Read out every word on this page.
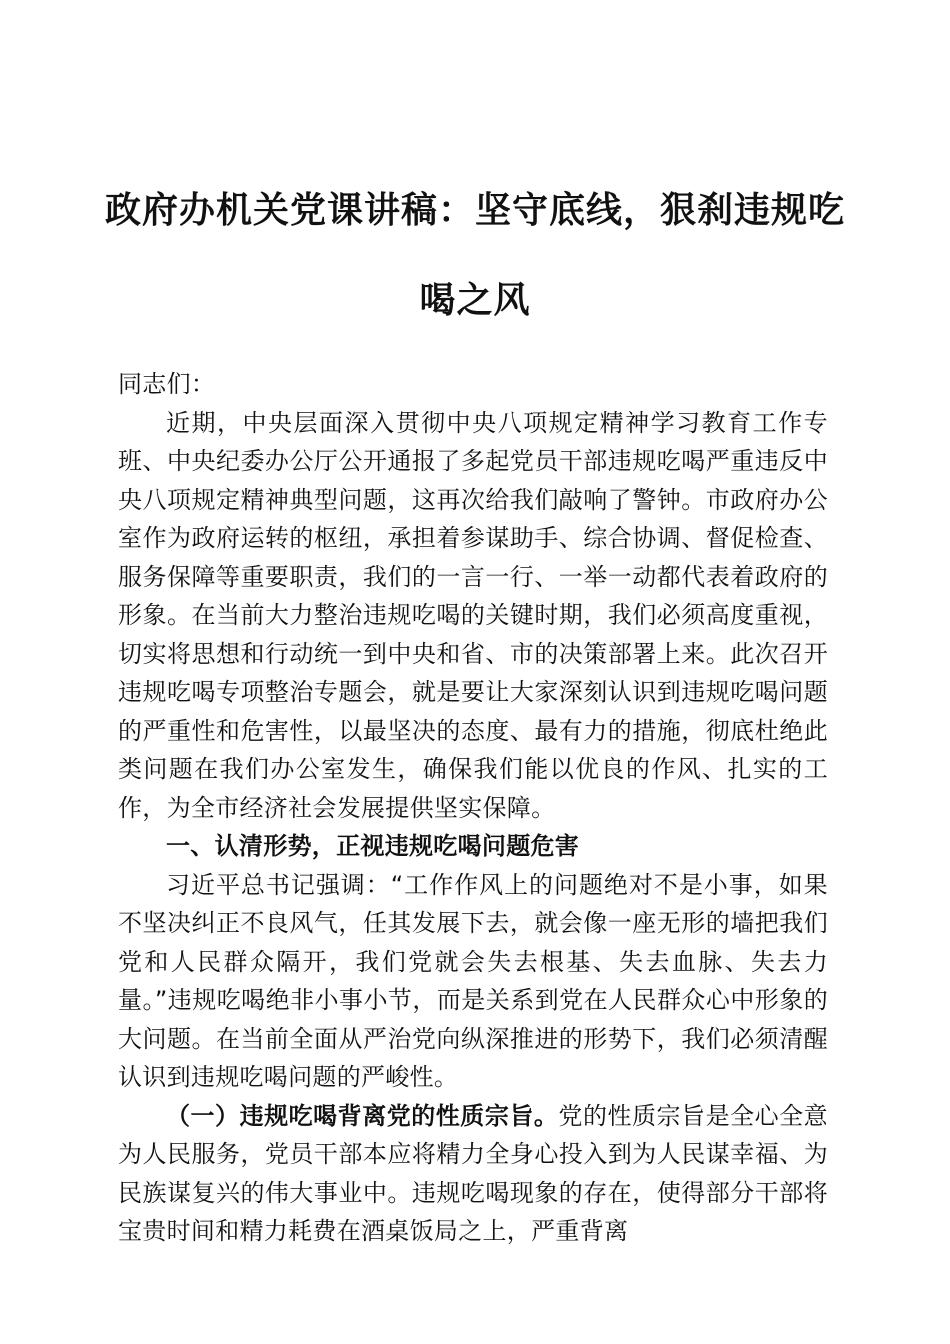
政府办机关党课讲稿：坚守底线，狠刹违规吃喝之风

同志们：

近期，中央层面深入贯彻中央八项规定精神学习教育工作专班、中央纪委办公厅公开通报了多起党员干部违规吃喝严重违反中央八项规定精神典型问题，这再次给我们敲响了警钟。市政府办公室作为政府运转的枢纽，承担着参谋助手、综合协调、督促检查、服务保障等重要职责，我们的一言一行、一举一动都代表着政府的形象。在当前大力整治违规吃喝的关键时期，我们必须高度重视，切实将思想和行动统一到中央和省、市的决策部署上来。此次召开违规吃喝专项整治专题会，就是要让大家深刻认识到违规吃喝问题的严重性和危害性，以最坚决的态度、最有力的措施，彻底杜绝此类问题在我们办公室发生，确保我们能以优良的作风、扎实的工作，为全市经济社会发展提供坚实保障。

一、认清形势，正视违规吃喝问题危害

习近平总书记强调：“工作作风上的问题绝对不是小事，如果不坚决纠正不良风气，任其发展下去，就会像一座无形的墙把我们党和人民群众隔开，我们党就会失去根基、失去血脉、失去力量。”违规吃喝绝非小事小节，而是关系到党在人民群众心中形象的大问题。在当前全面从严治党向纵深推进的形势下，我们必须清醒认识到违规吃喝问题的严峻性。

（一）违规吃喝背离党的性质宗旨。党的性质宗旨是全心全意为人民服务，党员干部本应将精力全身心投入到为人民谋幸福、为民族谋复兴的伟大事业中。违规吃喝现象的存在，使得部分干部将宝贵时间和精力耗费在酒桌饭局之上，严重背离
